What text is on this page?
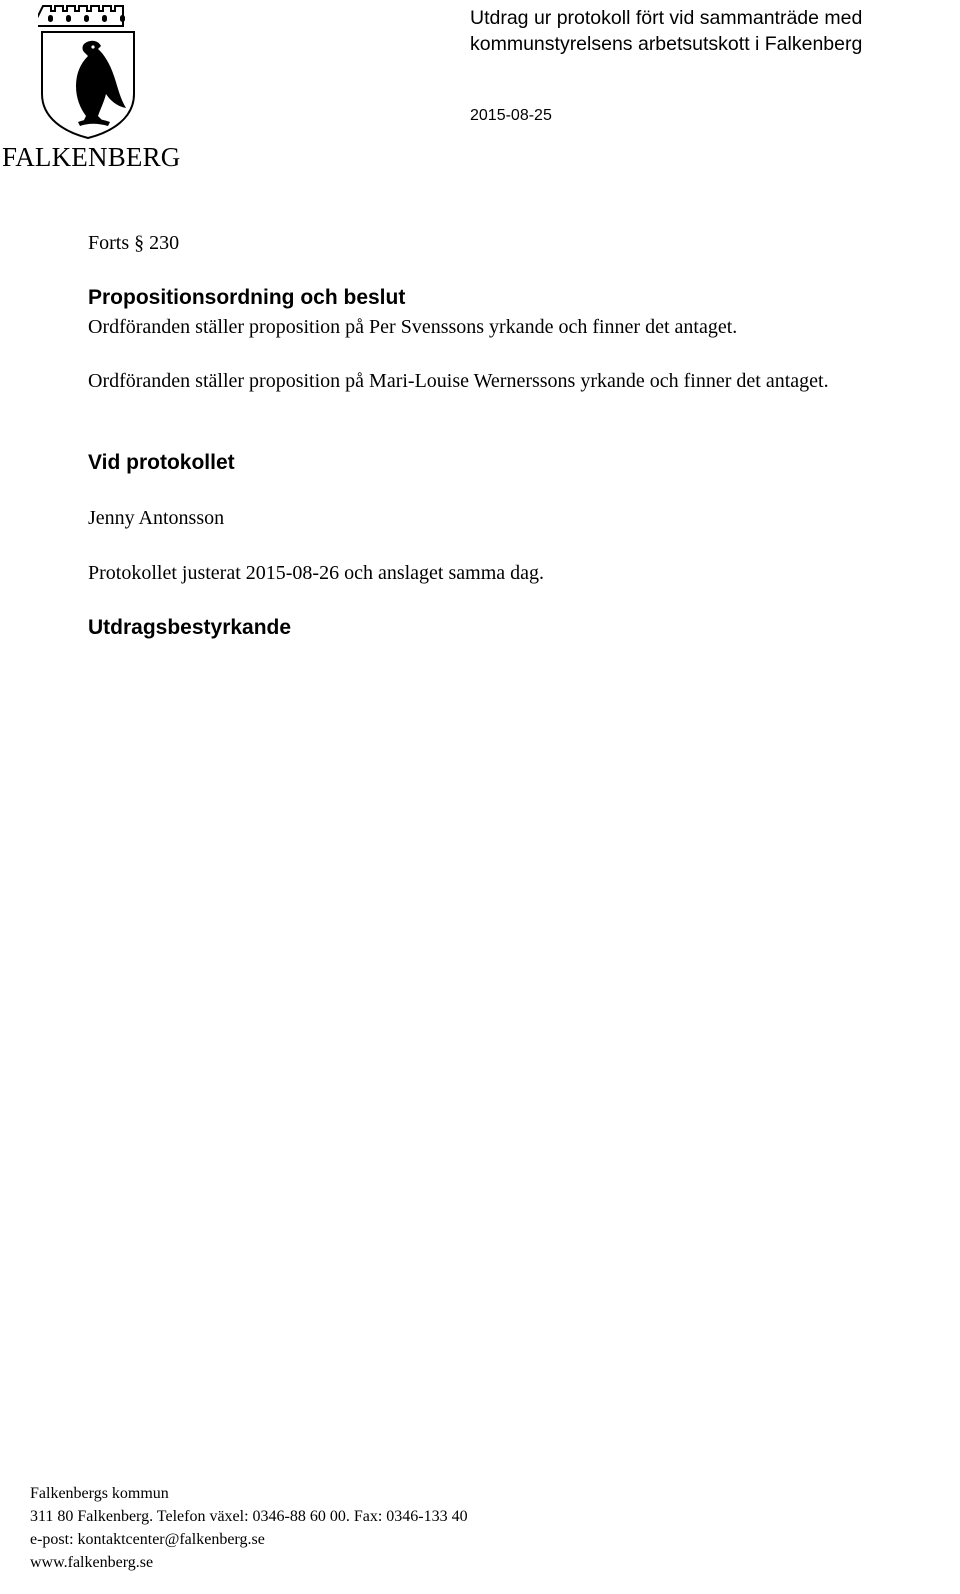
FALKENBERG
Utdrag ur protokoll fört vid sammanträde med
kommunstyrelsens arbetsutskott i Falkenberg
2015-08-25
Forts § 230
Propositionsordning och beslut
Ordföranden ställer proposition på Per Svenssons yrkande och finner det antaget.
Ordföranden ställer proposition på Mari-Louise Wernerssons yrkande och finner det antaget.
Vid protokollet
Jenny Antonsson
Protokollet justerat 2015-08-26 och anslaget samma dag.
Utdragsbestyrkande
Falkenbergs kommun
311 80 Falkenberg. Telefon växel: 0346-88 60 00. Fax: 0346-133 40
e-post: kontaktcenter@falkenberg.se
www.falkenberg.se
